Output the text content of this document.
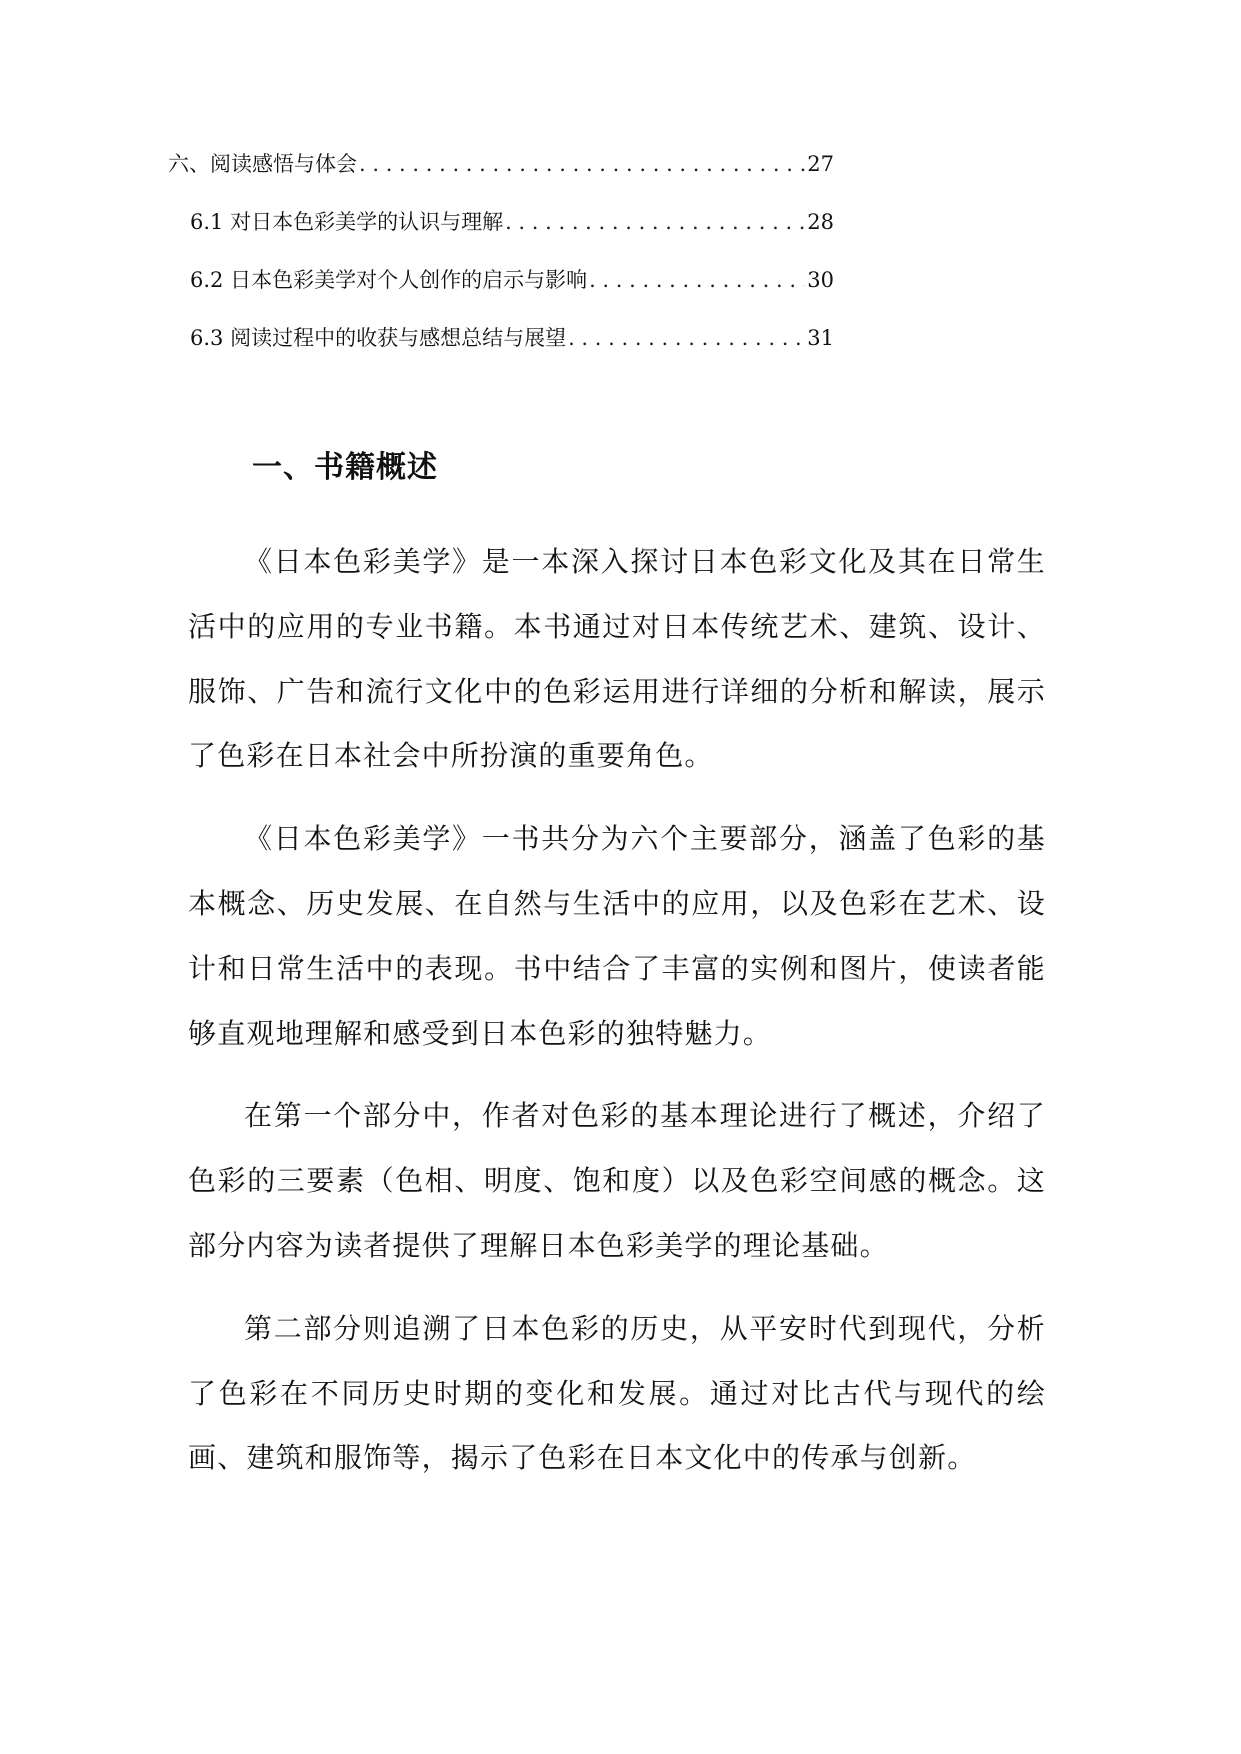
六、阅读感悟与体会 . . .	27
6.1 对日本色彩美学的认识与理解 . . .	28
6.2 日本色彩美学对个人创作的启示与影响 . . .	30
6.3 阅读过程中的收获与感想总结与展望 . . .	31
一、书籍概述

《日本色彩美学》是一本深入探讨日本色彩文化及其在日常生活中的应用的专业书籍。本书通过对日本传统艺术、建筑、设计、服饰、广告和流行文化中的色彩运用进行详细的分析和解读，展示了色彩在日本社会中所扮演的重要角色。

《日本色彩美学》一书共分为六个主要部分，涵盖了色彩的基本概念、历史发展、在自然与生活中的应用，以及色彩在艺术、设计和日常生活中的表现。书中结合了丰富的实例和图片，使读者能够直观地理解和感受到日本色彩的独特魅力。

在第一个部分中，作者对色彩的基本理论进行了概述，介绍了色彩的三要素（色相、明度、饱和度）以及色彩空间感的概念。这部分内容为读者提供了理解日本色彩美学的理论基础。

第二部分则追溯了日本色彩的历史，从平安时代到现代，分析了色彩在不同历史时期的变化和发展。通过对比古代与现代的绘画、建筑和服饰等，揭示了色彩在日本文化中的传承与创新。
